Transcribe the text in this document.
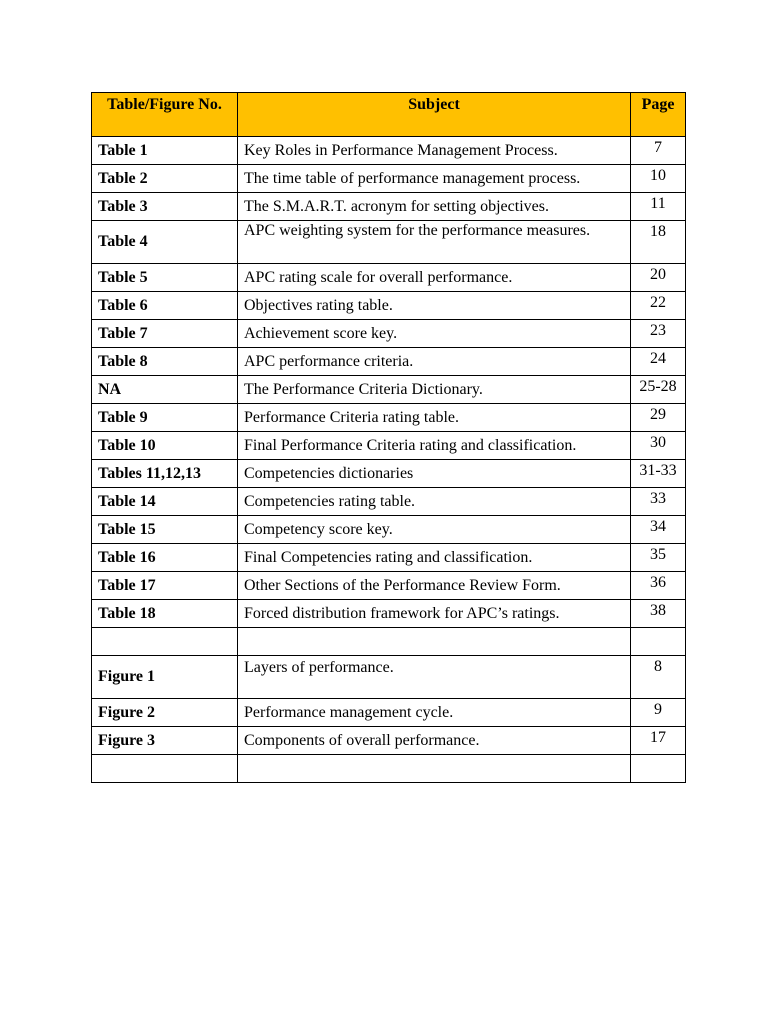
Table/Figure No.	Subject	Page
Table 1	Key Roles in Performance Management Process.	7
Table 2	The time table of performance management process.	10
Table 3	The S.M.A.R.T. acronym for setting objectives.	11
Table 4	APC weighting system for the performance measures.	18
Table 5	APC rating scale for overall performance.	20
Table 6	Objectives rating table.	22
Table 7	Achievement score key.	23
Table 8	APC performance criteria.	24
NA	The Performance Criteria Dictionary.	25-28
Table 9	Performance Criteria rating table.	29
Table 10	Final Performance Criteria rating and classification.	30
Tables 11,12,13	Competencies dictionaries	31-33
Table 14	Competencies rating table.	33
Table 15	Competency score key.	34
Table 16	Final Competencies rating and classification.	35
Table 17	Other Sections of the Performance Review Form.	36
Table 18	Forced distribution framework for APC’s ratings.	38

Figure 1	Layers of performance.	8
Figure 2	Performance management cycle.	9
Figure 3	Components of overall performance.	17
